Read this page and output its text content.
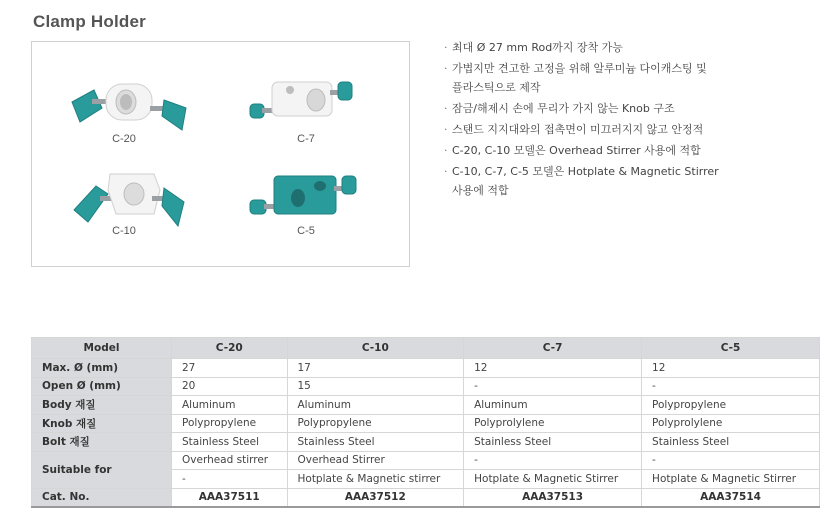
Clamp Holder
C-20	C-7
C-10	C-5
· 최대 Ø 27 mm Rod까지 장착 가능
· 가볍지만 견고한 고정을 위해 알루미늄 다이캐스팅 및
플라스틱으로 제작
· 잠금/해제시 손에 무리가 가지 않는 Knob 구조
· 스탠드 지지대와의 접촉면이 미끄러지지 않고 안정적
· C-20, C-10 모델은 Overhead Stirrer 사용에 적합
· C-10, C-7, C-5 모델은 Hotplate & Magnetic Stirrer
사용에 적합
Model	C-20	C-10	C-7	C-5
Max. Ø (mm)	27	17	12	12
Open Ø (mm)	20	15	-	-
Body 재질	Aluminum	Aluminum	Aluminum	Polypropylene
Knob 재질	Polypropylene	Polypropylene	Polyprolylene	Polyprolylene
Bolt 재질	Stainless Steel	Stainless Steel	Stainless Steel	Stainless Steel
Suitable for	Overhead stirrer	Overhead Stirrer	-	-
	-	Hotplate & Magnetic stirrer	Hotplate & Magnetic Stirrer	Hotplate & Magnetic Stirrer
Cat. No.	AAA37511	AAA37512	AAA37513	AAA37514
